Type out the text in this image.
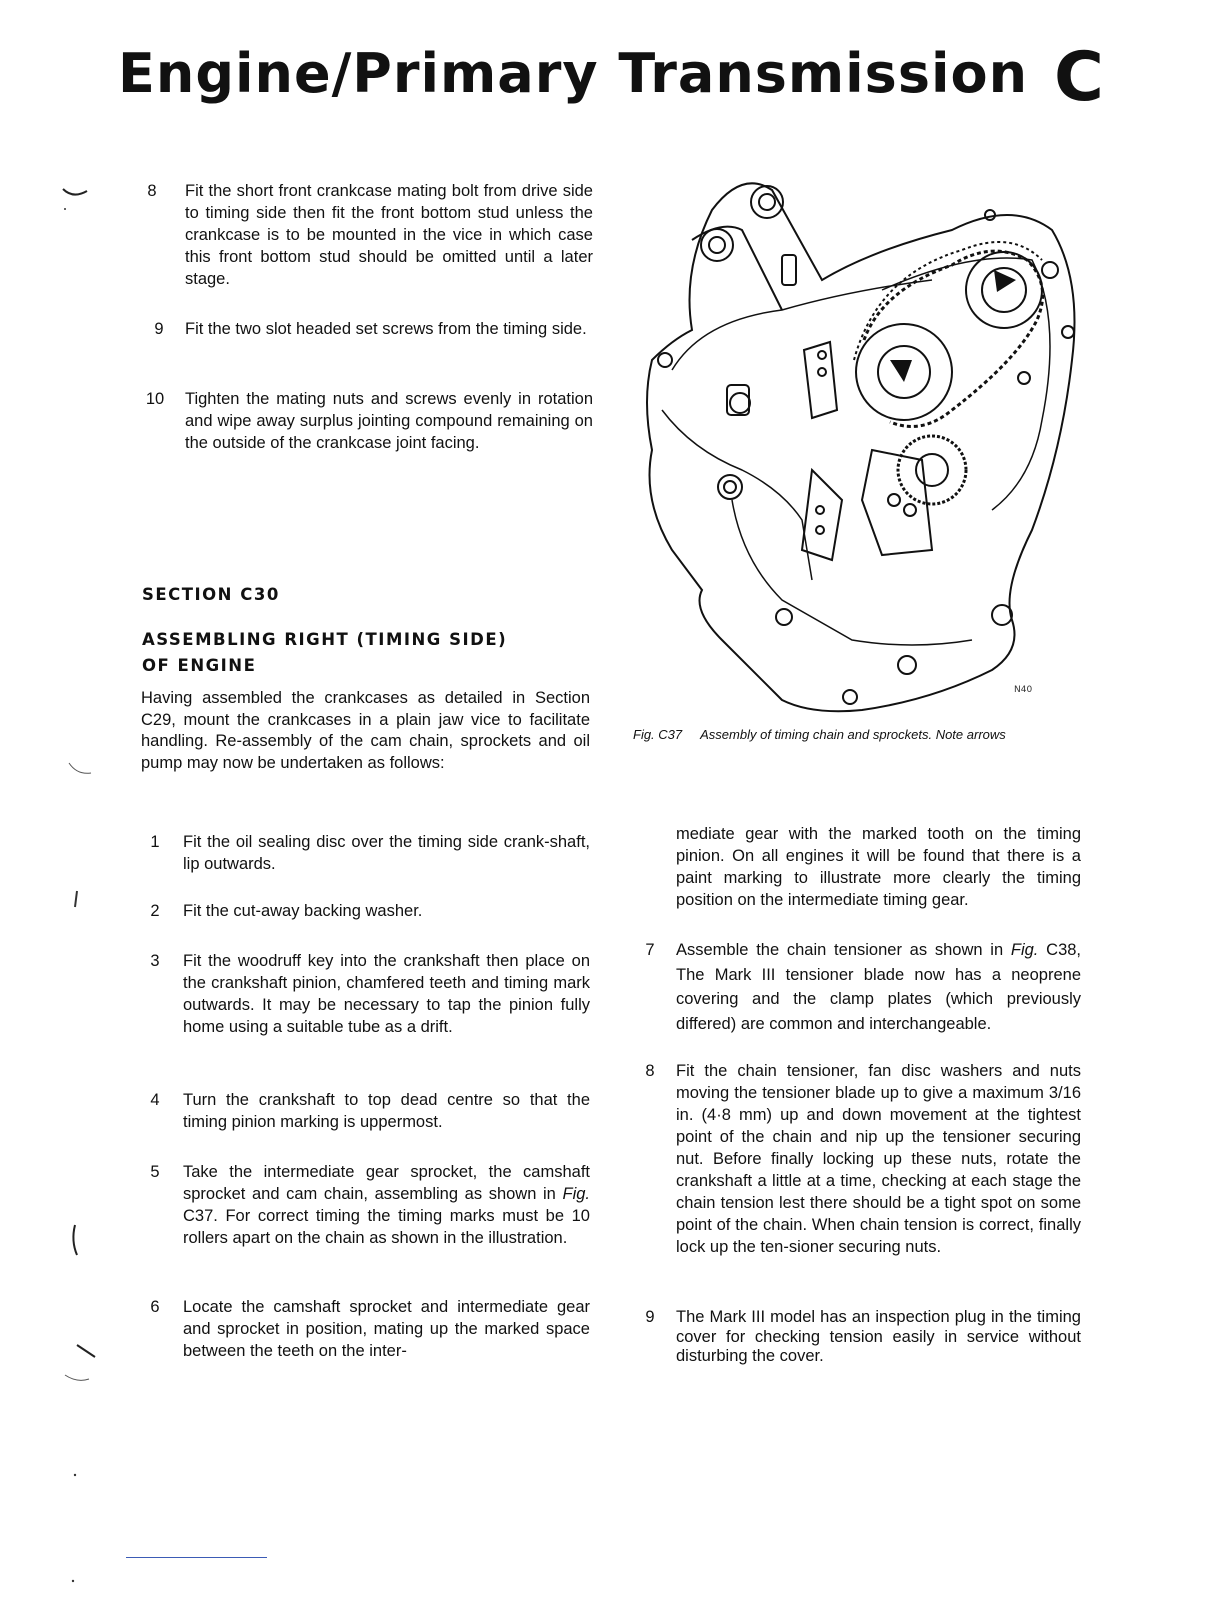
Engine/Primary Transmission C
8	Fit the short front crankcase mating bolt from drive side to timing side then fit the front bottom stud unless the crankcase is to be mounted in the vice in which case this front bottom stud should be omitted until a later stage.
9	Fit the two slot headed set screws from the timing side.
10 Tighten the mating nuts and screws evenly in rotation and wipe away surplus jointing compound remaining on the outside of the crankcase joint facing.
SECTION C30
ASSEMBLING RIGHT (TIMING SIDE)
OF ENGINE

Having assembled the crankcases as detailed in Section C29, mount the crankcases in a plain jaw vice to facilitate handling. Re-assembly of the cam chain, sprockets and oil pump may now be undertaken as follows:

N40
Fig. C37 Assembly of timing chain and sprockets. Note arrows
1	Fit the oil sealing disc over the timing side crank-shaft, lip outwards.
2	Fit the cut-away backing washer.
3	Fit the woodruff key into the crankshaft then place on the crankshaft pinion, chamfered teeth and timing mark outwards. It may be necessary to tap the pinion fully home using a suitable tube as a drift.
4	Turn the crankshaft to top dead centre so that the timing pinion marking is uppermost.
5	Take the intermediate gear sprocket, the camshaft sprocket and cam chain, assembling as shown in Fig. C37. For correct timing the timing marks must be 10 rollers apart on the chain as shown in the illustration.
6	Locate the camshaft sprocket and intermediate gear and sprocket in position, mating up the marked space between the teeth on the inter-
mediate gear with the marked tooth on the timing pinion. On all engines it will be found that there is a paint marking to illustrate more clearly the timing position on the intermediate timing gear.
7	Assemble the chain tensioner as shown in Fig. C38, The Mark III tensioner blade now has a neoprene covering and the clamp plates (which previously differed) are common and interchangeable.
8	Fit the chain tensioner, fan disc washers and nuts moving the tensioner blade up to give a maximum 3/16 in. (4·8 mm) up and down movement at the tightest point of the chain and nip up the tensioner securing nut. Before finally locking up these nuts, rotate the crankshaft a little at a time, checking at each stage the chain tension lest there should be a tight spot on some point of the chain. When chain tension is correct, finally lock up the ten-sioner securing nuts.
9	The Mark III model has an inspection plug in the timing cover for checking tension easily in service without disturbing the cover.
